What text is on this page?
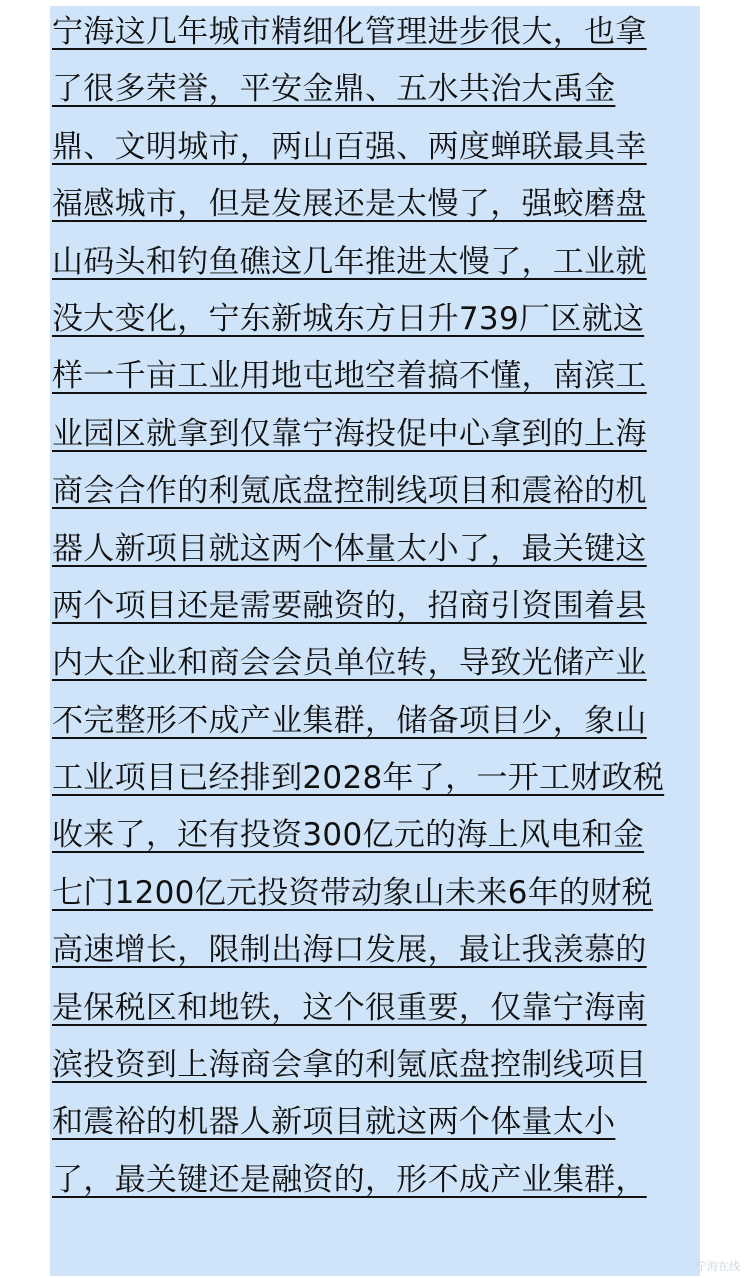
宁海这几年城市精细化管理进步很大，也拿
了很多荣誉，平安金鼎、五水共治大禹金
鼎、文明城市，两山百强、两度蝉联最具幸
福感城市，但是发展还是太慢了，强蛟磨盘
山码头和钓鱼礁这几年推进太慢了，工业就
没大变化，宁东新城东方日升739厂区就这
样一千亩工业用地屯地空着搞不懂，南滨工
业园区就拿到仅靠宁海投促中心拿到的上海
商会合作的利氪底盘控制线项目和震裕的机
器人新项目就这两个体量太小了，最关键这
两个项目还是需要融资的，招商引资围着县
内大企业和商会会员单位转，导致光储产业
不完整形不成产业集群，储备项目少，象山
工业项目已经排到2028年了，一开工财政税
收来了，还有投资300亿元的海上风电和金
七门1200亿元投资带动象山未来6年的财税
高速增长，限制出海口发展，最让我羡慕的
是保税区和地铁，这个很重要，仅靠宁海南
滨投资到上海商会拿的利氪底盘控制线项目
和震裕的机器人新项目就这两个体量太小
了，最关键还是融资的，形不成产业集群，
宁海在线
